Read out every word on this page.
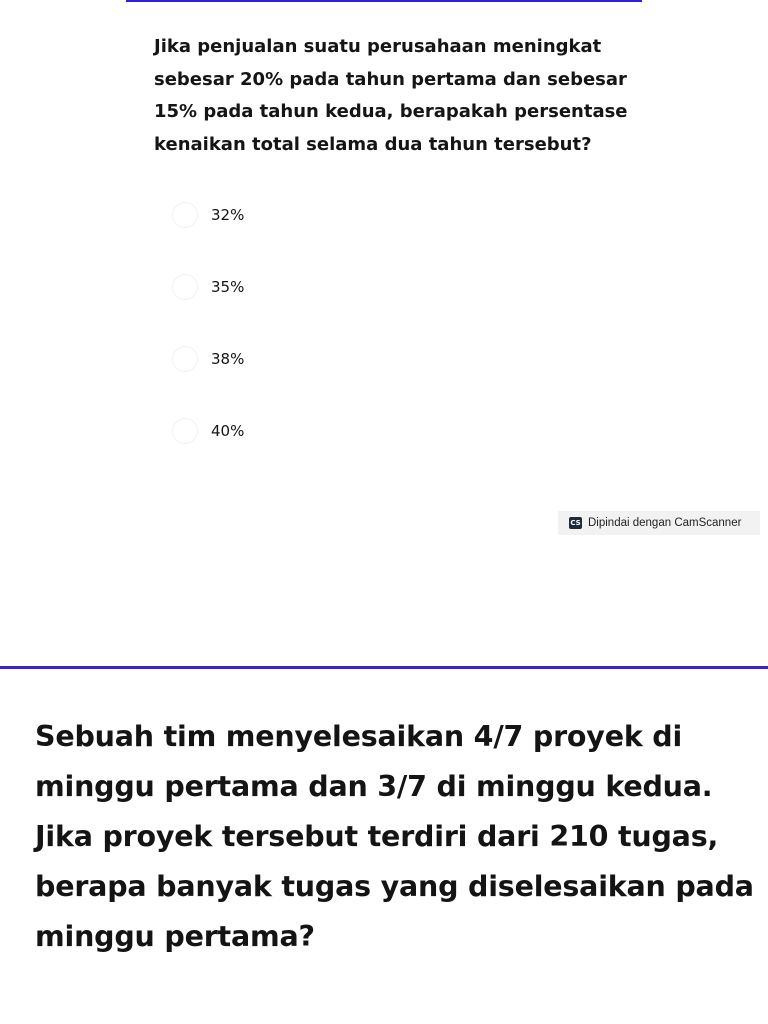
Jika penjualan suatu perusahaan meningkat
sebesar 20% pada tahun pertama dan sebesar
15% pada tahun kedua, berapakah persentase
kenaikan total selama dua tahun tersebut?

32%
35%
38%
40%
CS Dipindai dengan CamScanner

Sebuah tim menyelesaikan 4/7 proyek di
minggu pertama dan 3/7 di minggu kedua.
Jika proyek tersebut terdiri dari 210 tugas,
berapa banyak tugas yang diselesaikan pada
minggu pertama?
